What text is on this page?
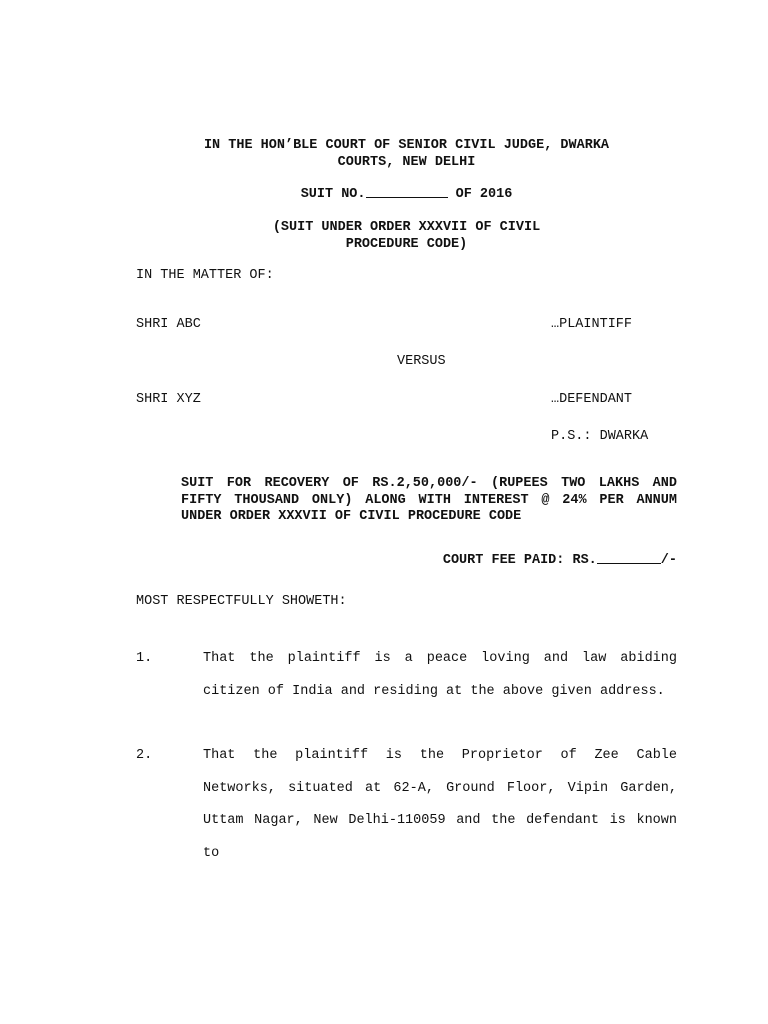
IN THE HON’BLE COURT OF SENIOR CIVIL JUDGE, DWARKA
COURTS, NEW DELHI
SUIT NO.	OF 2016
(SUIT UNDER ORDER XXXVII OF CIVIL
PROCEDURE CODE)
IN THE MATTER OF:
SHRI ABC	…PLAINTIFF
VERSUS
SHRI XYZ	…DEFENDANT
P.S.: DWARKA
SUIT FOR RECOVERY OF RS.2,50,000/- (RUPEES TWO LAKHS AND FIFTY THOUSAND ONLY) ALONG WITH INTEREST @ 24% PER ANNUM UNDER ORDER XXXVII OF CIVIL PROCEDURE CODE
COURT FEE PAID: RS.	/-
MOST RESPECTFULLY SHOWETH:
1.	That the plaintiff is a peace loving and law abiding citizen of India and residing at the above given address.
2.	That the plaintiff is the Proprietor of Zee Cable Networks, situated at 62-A, Ground Floor, Vipin Garden, Uttam Nagar, New Delhi-110059 and the defendant is known to
